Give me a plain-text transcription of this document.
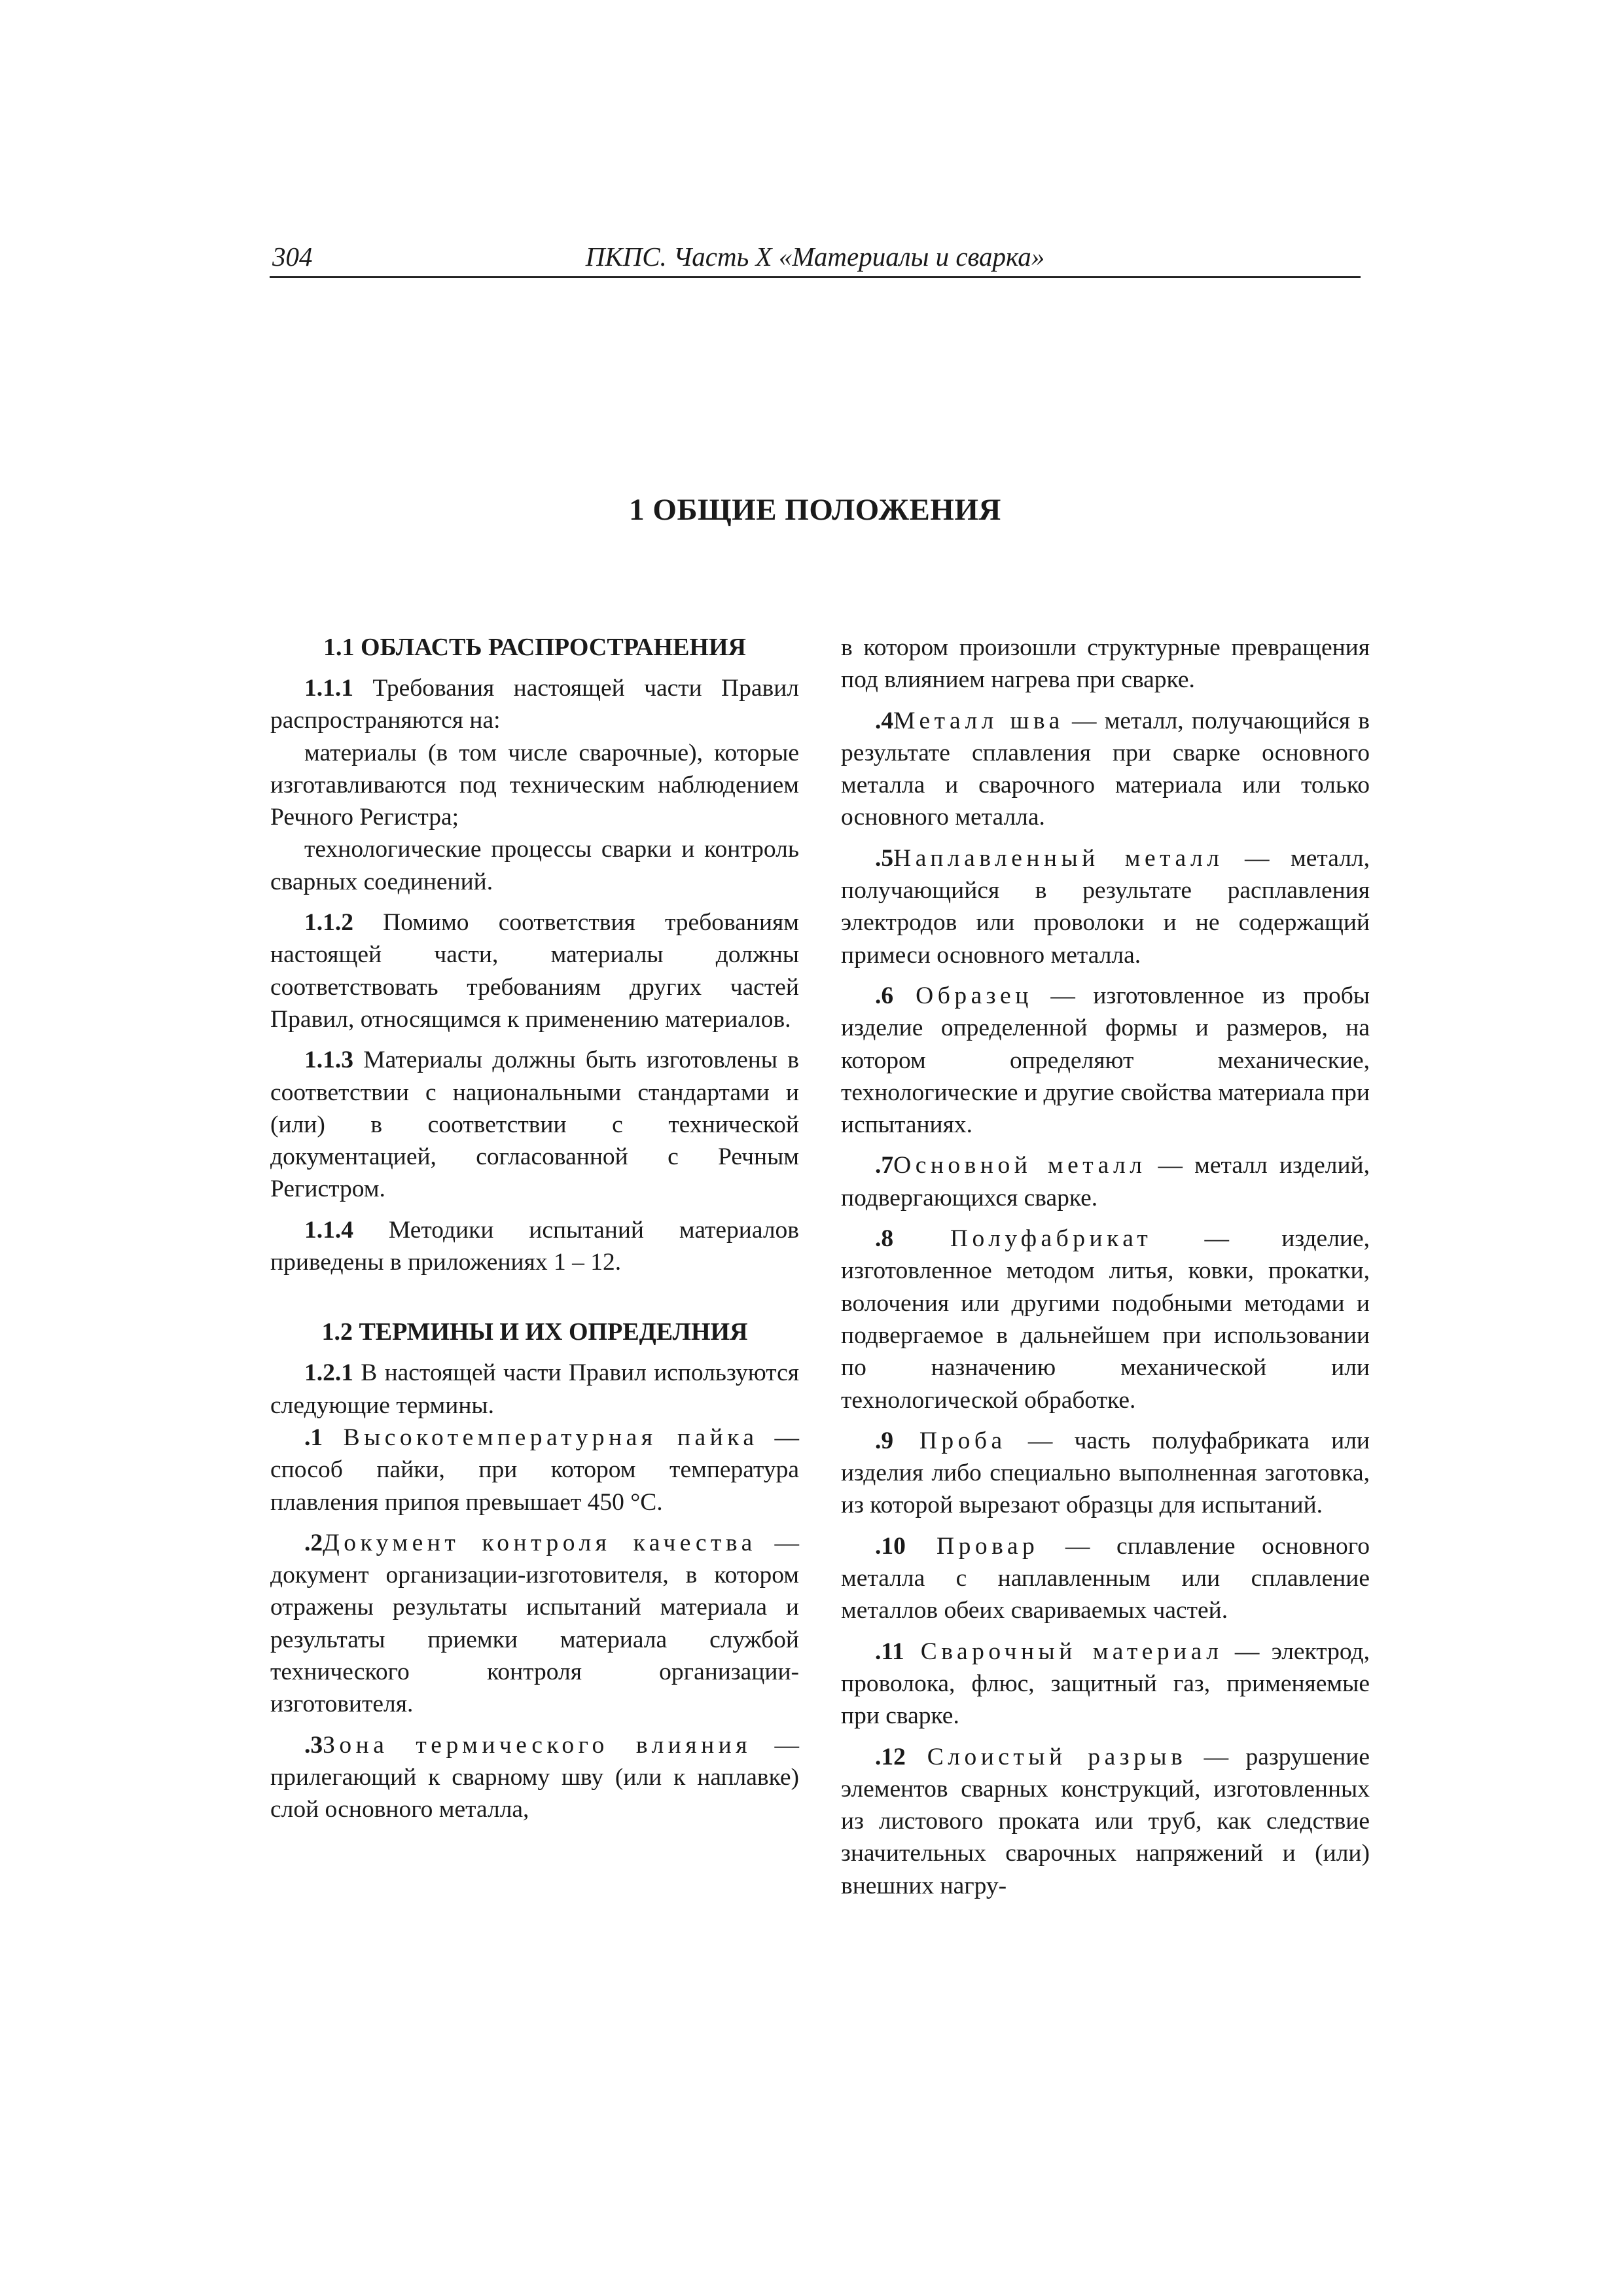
304	ПКПС. Часть X «Материалы и сварка»
1 ОБЩИЕ ПОЛОЖЕНИЯ
1.1 ОБЛАСТЬ РАСПРОСТРАНЕНИЯ

1.1.1 Требования настоящей части Правил распространяются на:

материалы (в том числе сварочные), которые изготавливаются под техническим наблюдением Речного Регистра;

технологические процессы сварки и контроль сварных соединений.

1.1.2 Помимо соответствия требованиям настоящей части, материалы должны соответствовать требованиям других частей Правил, относящимся к применению материалов.

1.1.3 Материалы должны быть изготовлены в соответствии с национальными стандартами и (или) в соответствии с технической документацией, согласованной с Речным Регистром.

1.1.4 Методики испытаний материалов приведены в приложениях 1 – 12.

1.2 ТЕРМИНЫ И ИХ ОПРЕДЕЛНИЯ

1.2.1 В настоящей части Правил используются следующие термины.

.1 Высокотемпературная пайка — способ пайки, при котором температура плавления припоя превышает 450 °С.

.2Документ контроля качества — документ организации-изготовителя, в котором отражены результаты испытаний материала и результаты приемки материала службой технического контроля организации-изготовителя.

.3Зона термического влияния — прилегающий к сварному шву (или к наплавке) слой основного металла,

в котором произошли структурные превращения под влиянием нагрева при сварке.

.4Металл шва — металл, получающийся в результате сплавления при сварке основного металла и сварочного материала или только основного металла.

.5Наплавленный металл — металл, получающийся в результате расплавления электродов или проволоки и не содержащий примеси основного металла.

.6 Образец — изготовленное из пробы изделие определенной формы и размеров, на котором определяют механические, технологические и другие свойства материала при испытаниях.

.7Основной металл — металл изделий, подвергающихся сварке.

.8 Полуфабрикат — изделие, изготовленное методом литья, ковки, прокатки, волочения или другими подобными методами и подвергаемое в дальнейшем при использовании по назначению механической или технологической обработке.

.9 Проба — часть полуфабриката или изделия либо специально выполненная заготовка, из которой вырезают образцы для испытаний.

.10 Провар — сплавление основного металла с наплавленным или сплавление металлов обеих свариваемых частей.

.11 Сварочный материал — электрод, проволока, флюс, защитный газ, применяемые при сварке.

.12 Слоистый разрыв — разрушение элементов сварных конструкций, изготовленных из листового проката или труб, как следствие значительных сварочных напряжений и (или) внешних нагру-
